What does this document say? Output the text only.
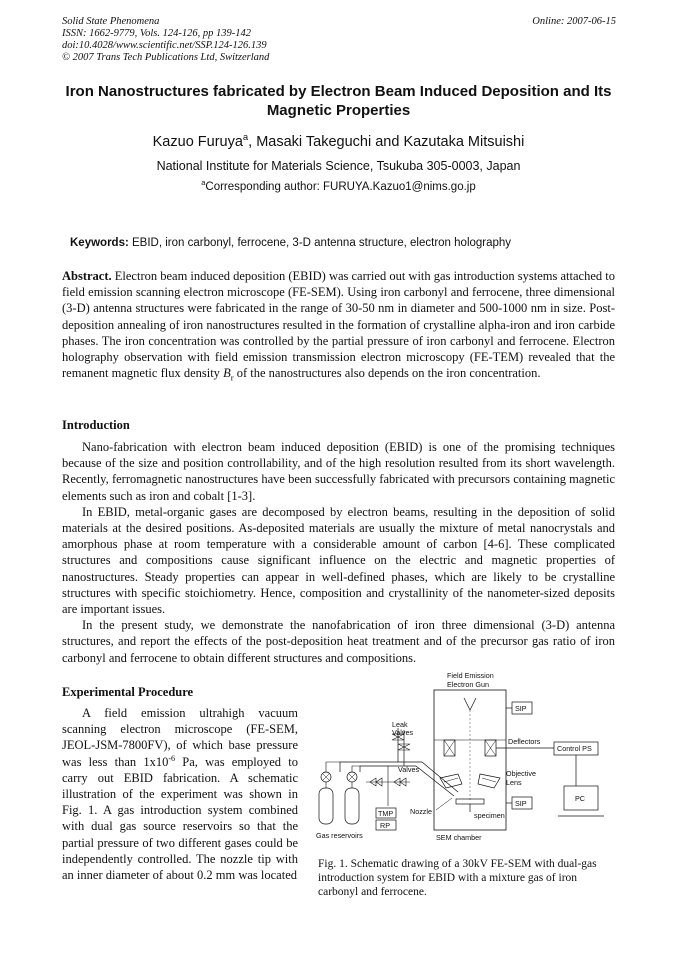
Solid State Phenomena
ISSN: 1662-9779, Vols. 124-126, pp 139-142
doi:10.4028/www.scientific.net/SSP.124-126.139
© 2007 Trans Tech Publications Ltd, Switzerland
Online: 2007-06-15
Iron Nanostructures fabricated by Electron Beam Induced Deposition and Its Magnetic Properties
Kazuo Furuya$^a$, Masaki Takeguchi and Kazutaka Mitsuishi
National Institute for Materials Science, Tsukuba 305-0003, Japan
$^a$Corresponding author: FURUYA.Kazuo1@nims.go.jp
Keywords: EBID, iron carbonyl, ferrocene, 3-D antenna structure, electron holography
Abstract. Electron beam induced deposition (EBID) was carried out with gas introduction systems attached to field emission scanning electron microscope (FE-SEM). Using iron carbonyl and ferrocene, three dimensional (3-D) antenna structures were fabricated in the range of 30-50 nm in diameter and 500-1000 nm in size. Post-deposition annealing of iron nanostructures resulted in the formation of crystalline alpha-iron and iron carbide phases. The iron concentration was controlled by the partial pressure of iron carbonyl and ferrocene. Electron holography observation with field emission transmission electron microscopy (FE-TEM) revealed that the remanent magnetic flux density $B_r$ of the nanostructures also depends on the iron concentration.
Introduction

Nano-fabrication with electron beam induced deposition (EBID) is one of the promising techniques because of the size and position controllability, and of the high resolution resulted from its short wavelength. Recently, ferromagnetic nanostructures have been successfully fabricated with precursors containing magnetic elements such as iron and cobalt [1-3].

In EBID, metal-organic gases are decomposed by electron beams, resulting in the deposition of solid materials at the desired positions. As-deposited materials are usually the mixture of metal nanocrystals and amorphous phase at room temperature with a considerable amount of carbon [4-6]. These complicated structures and compositions cause significant influence on the electric and magnetic properties of nanostructures. Steady properties can appear in well-defined phases, which are likely to be crystalline structures with specific stoichiometry. Hence, composition and crystallinity of the nanometer-sized deposits are important issues.

In the present study, we demonstrate the nanofabrication of iron three dimensional (3-D) antenna structures, and report the effects of the post-deposition heat treatment and of the precursor gas ratio of iron carbonyl and ferrocene to obtain different structures and compositions.

Experimental Procedure
A field emission ultrahigh vacuum scanning electron microscope (FE-SEM, JEOL-JSM-7800FV), of which base pressure was less than $1x10^{-6}$ Pa, was employed to carry out EBID fabrication. A schematic illustration of the experiment was shown in Fig. 1. A gas introduction system combined with dual gas source reservoirs so that the partial pressure of two different gases could be independently controlled. The nozzle tip with an inner diameter of about 0.2 mm was located
SIP
SIP
Control PS
PC
Field Emission
Electron Gun
Deflectors
Objective
Lens
specimen
SEM chamber
TMP
RP
Gas reservoirs
Leak
Valves
Valves
Nozzle
Fig. 1. Schematic drawing of a 30kV FE-SEM with dual-gas introduction system for EBID with a mixture gas of iron carbonyl and ferrocene.
